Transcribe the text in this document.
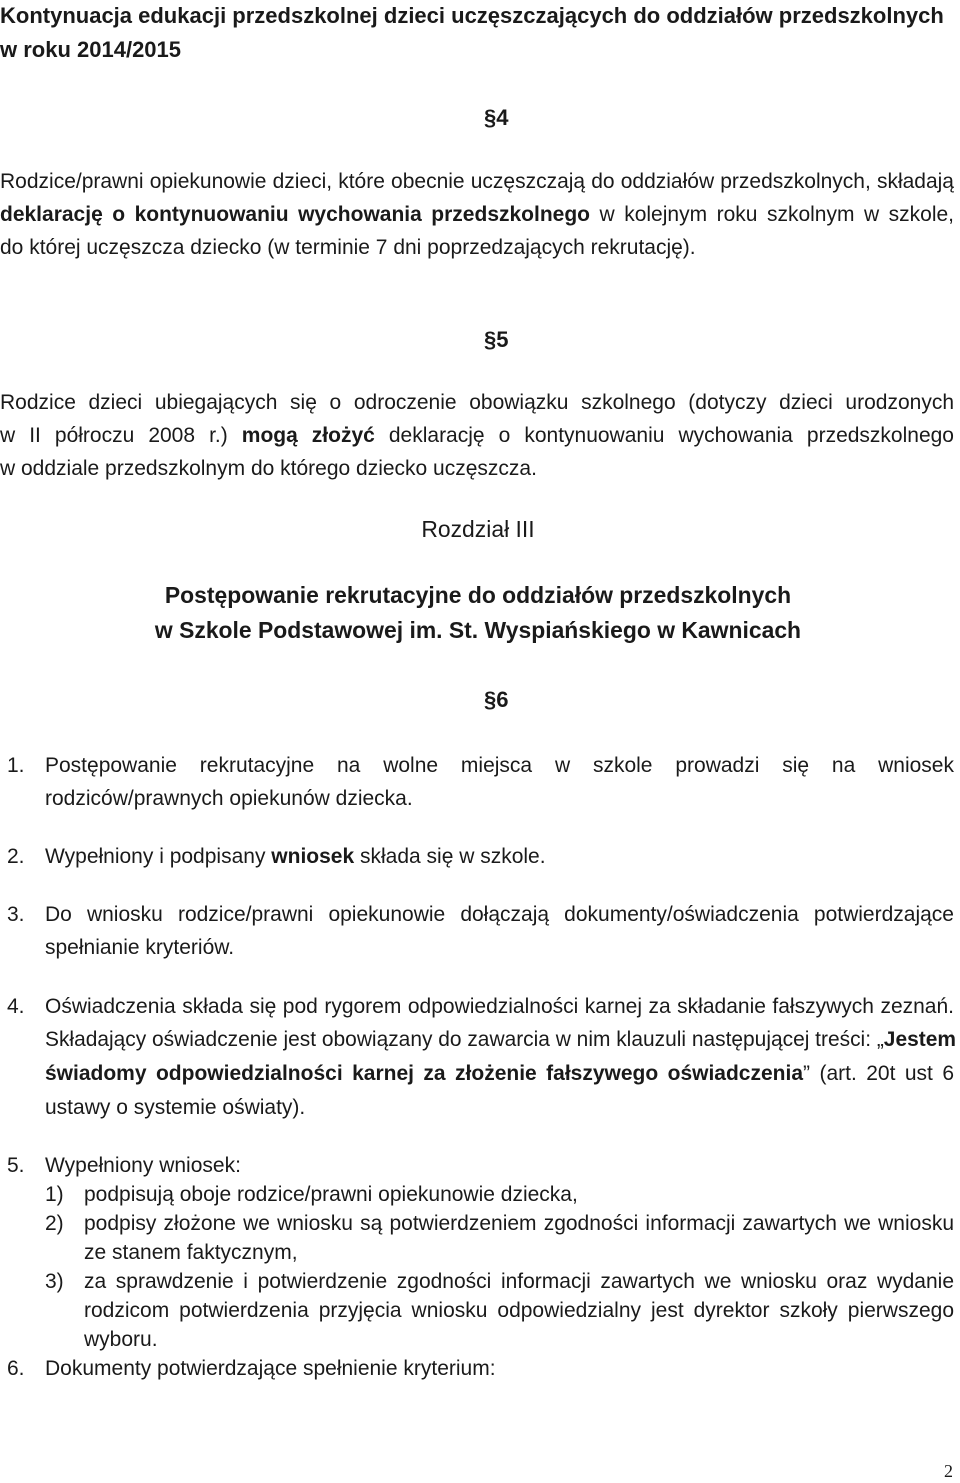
Kontynuacja edukacji przedszkolnej dzieci uczęszczających do oddziałów przedszkolnych

w roku 2014/2015

§4

Rodzice/prawni opiekunowie dzieci, które obecnie uczęszczają do oddziałów przedszkolnych, składają

deklarację o kontynuowaniu wychowania przedszkolnego w kolejnym roku szkolnym w szkole,

do której uczęszcza dziecko (w terminie 7 dni poprzedzających rekrutację).

§5

Rodzice dzieci ubiegających się o odroczenie obowiązku szkolnego (dotyczy dzieci urodzonych

w II półroczu 2008 r.) mogą złożyć deklarację o kontynuowaniu wychowania przedszkolnego

w oddziale przedszkolnym do którego dziecko uczęszcza.

Rozdział III

Postępowanie rekrutacyjne do oddziałów przedszkolnych

w Szkole Podstawowej im. St. Wyspiańskiego w Kawnicach

§6

1. Postępowanie rekrutacyjne na wolne miejsca w szkole prowadzi się na wniosek

rodziców/prawnych opiekunów dziecka.

2. Wypełniony i podpisany wniosek składa się w szkole.

3. Do wniosku rodzice/prawni opiekunowie dołączają dokumenty/oświadczenia potwierdzające

spełnianie kryteriów.

4. Oświadczenia składa się pod rygorem odpowiedzialności karnej za składanie fałszywych zeznań.

Składający oświadczenie jest obowiązany do zawarcia w nim klauzuli następującej treści: „Jestem

świadomy odpowiedzialności karnej za złożenie fałszywego oświadczenia” (art. 20t ust 6

ustawy o systemie oświaty).

5. Wypełniony wniosek:

1) podpisują oboje rodzice/prawni opiekunowie dziecka,

2) podpisy złożone we wniosku są potwierdzeniem zgodności informacji zawartych we wniosku

ze stanem faktycznym,

3) za sprawdzenie i potwierdzenie zgodności informacji zawartych we wniosku oraz wydanie

rodzicom potwierdzenia przyjęcia wniosku odpowiedzialny jest dyrektor szkoły pierwszego

wyboru.

6. Dokumenty potwierdzające spełnienie kryterium:

2
